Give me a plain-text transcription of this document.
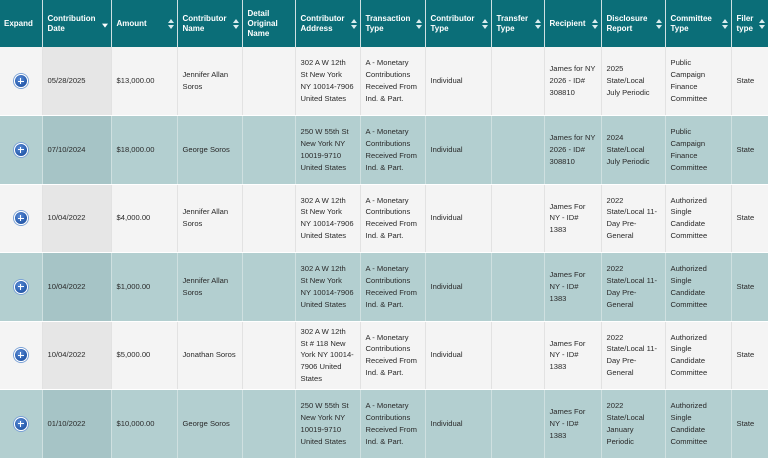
Expand	Contribution Date	Amount	Contributor Name	Detail Original Name	Contributor Address	Transaction Type	Contributor Type	Transfer Type	Recipient	Disclosure Report	Committee Type	Filer type

	05/28/2025	$13,000.00	Jennifer Allan Soros		302 A W 12th St New York NY 10014-7906 United States	A - Monetary Contributions Received From Ind. & Part.	Individual		James for NY 2026 - ID# 308810	2025 State/Local July Periodic	Public Campaign Finance Committee	State
	07/10/2024	$18,000.00	George Soros		250 W 55th St New York NY 10019-9710 United States	A - Monetary Contributions Received From Ind. & Part.	Individual		James for NY 2026 - ID# 308810	2024 State/Local July Periodic	Public Campaign Finance Committee	State
	10/04/2022	$4,000.00	Jennifer Allan Soros		302 A W 12th St New York NY 10014-7906 United States	A - Monetary Contributions Received From Ind. & Part.	Individual		James For NY - ID# 1383	2022 State/Local 11-Day Pre-General	Authorized Single Candidate Committee	State
	10/04/2022	$1,000.00	Jennifer Allan Soros		302 A W 12th St New York NY 10014-7906 United States	A - Monetary Contributions Received From Ind. & Part.	Individual		James For NY - ID# 1383	2022 State/Local 11-Day Pre-General	Authorized Single Candidate Committee	State
	10/04/2022	$5,000.00	Jonathan Soros		302 A W 12th St # 118 New York NY 10014-7906 United States	A - Monetary Contributions Received From Ind. & Part.	Individual		James For NY - ID# 1383	2022 State/Local 11-Day Pre-General	Authorized Single Candidate Committee	State
	01/10/2022	$10,000.00	George Soros		250 W 55th St New York NY 10019-9710 United States	A - Monetary Contributions Received From Ind. & Part.	Individual		James For NY - ID# 1383	2022 State/Local January Periodic	Authorized Single Candidate Committee	State
